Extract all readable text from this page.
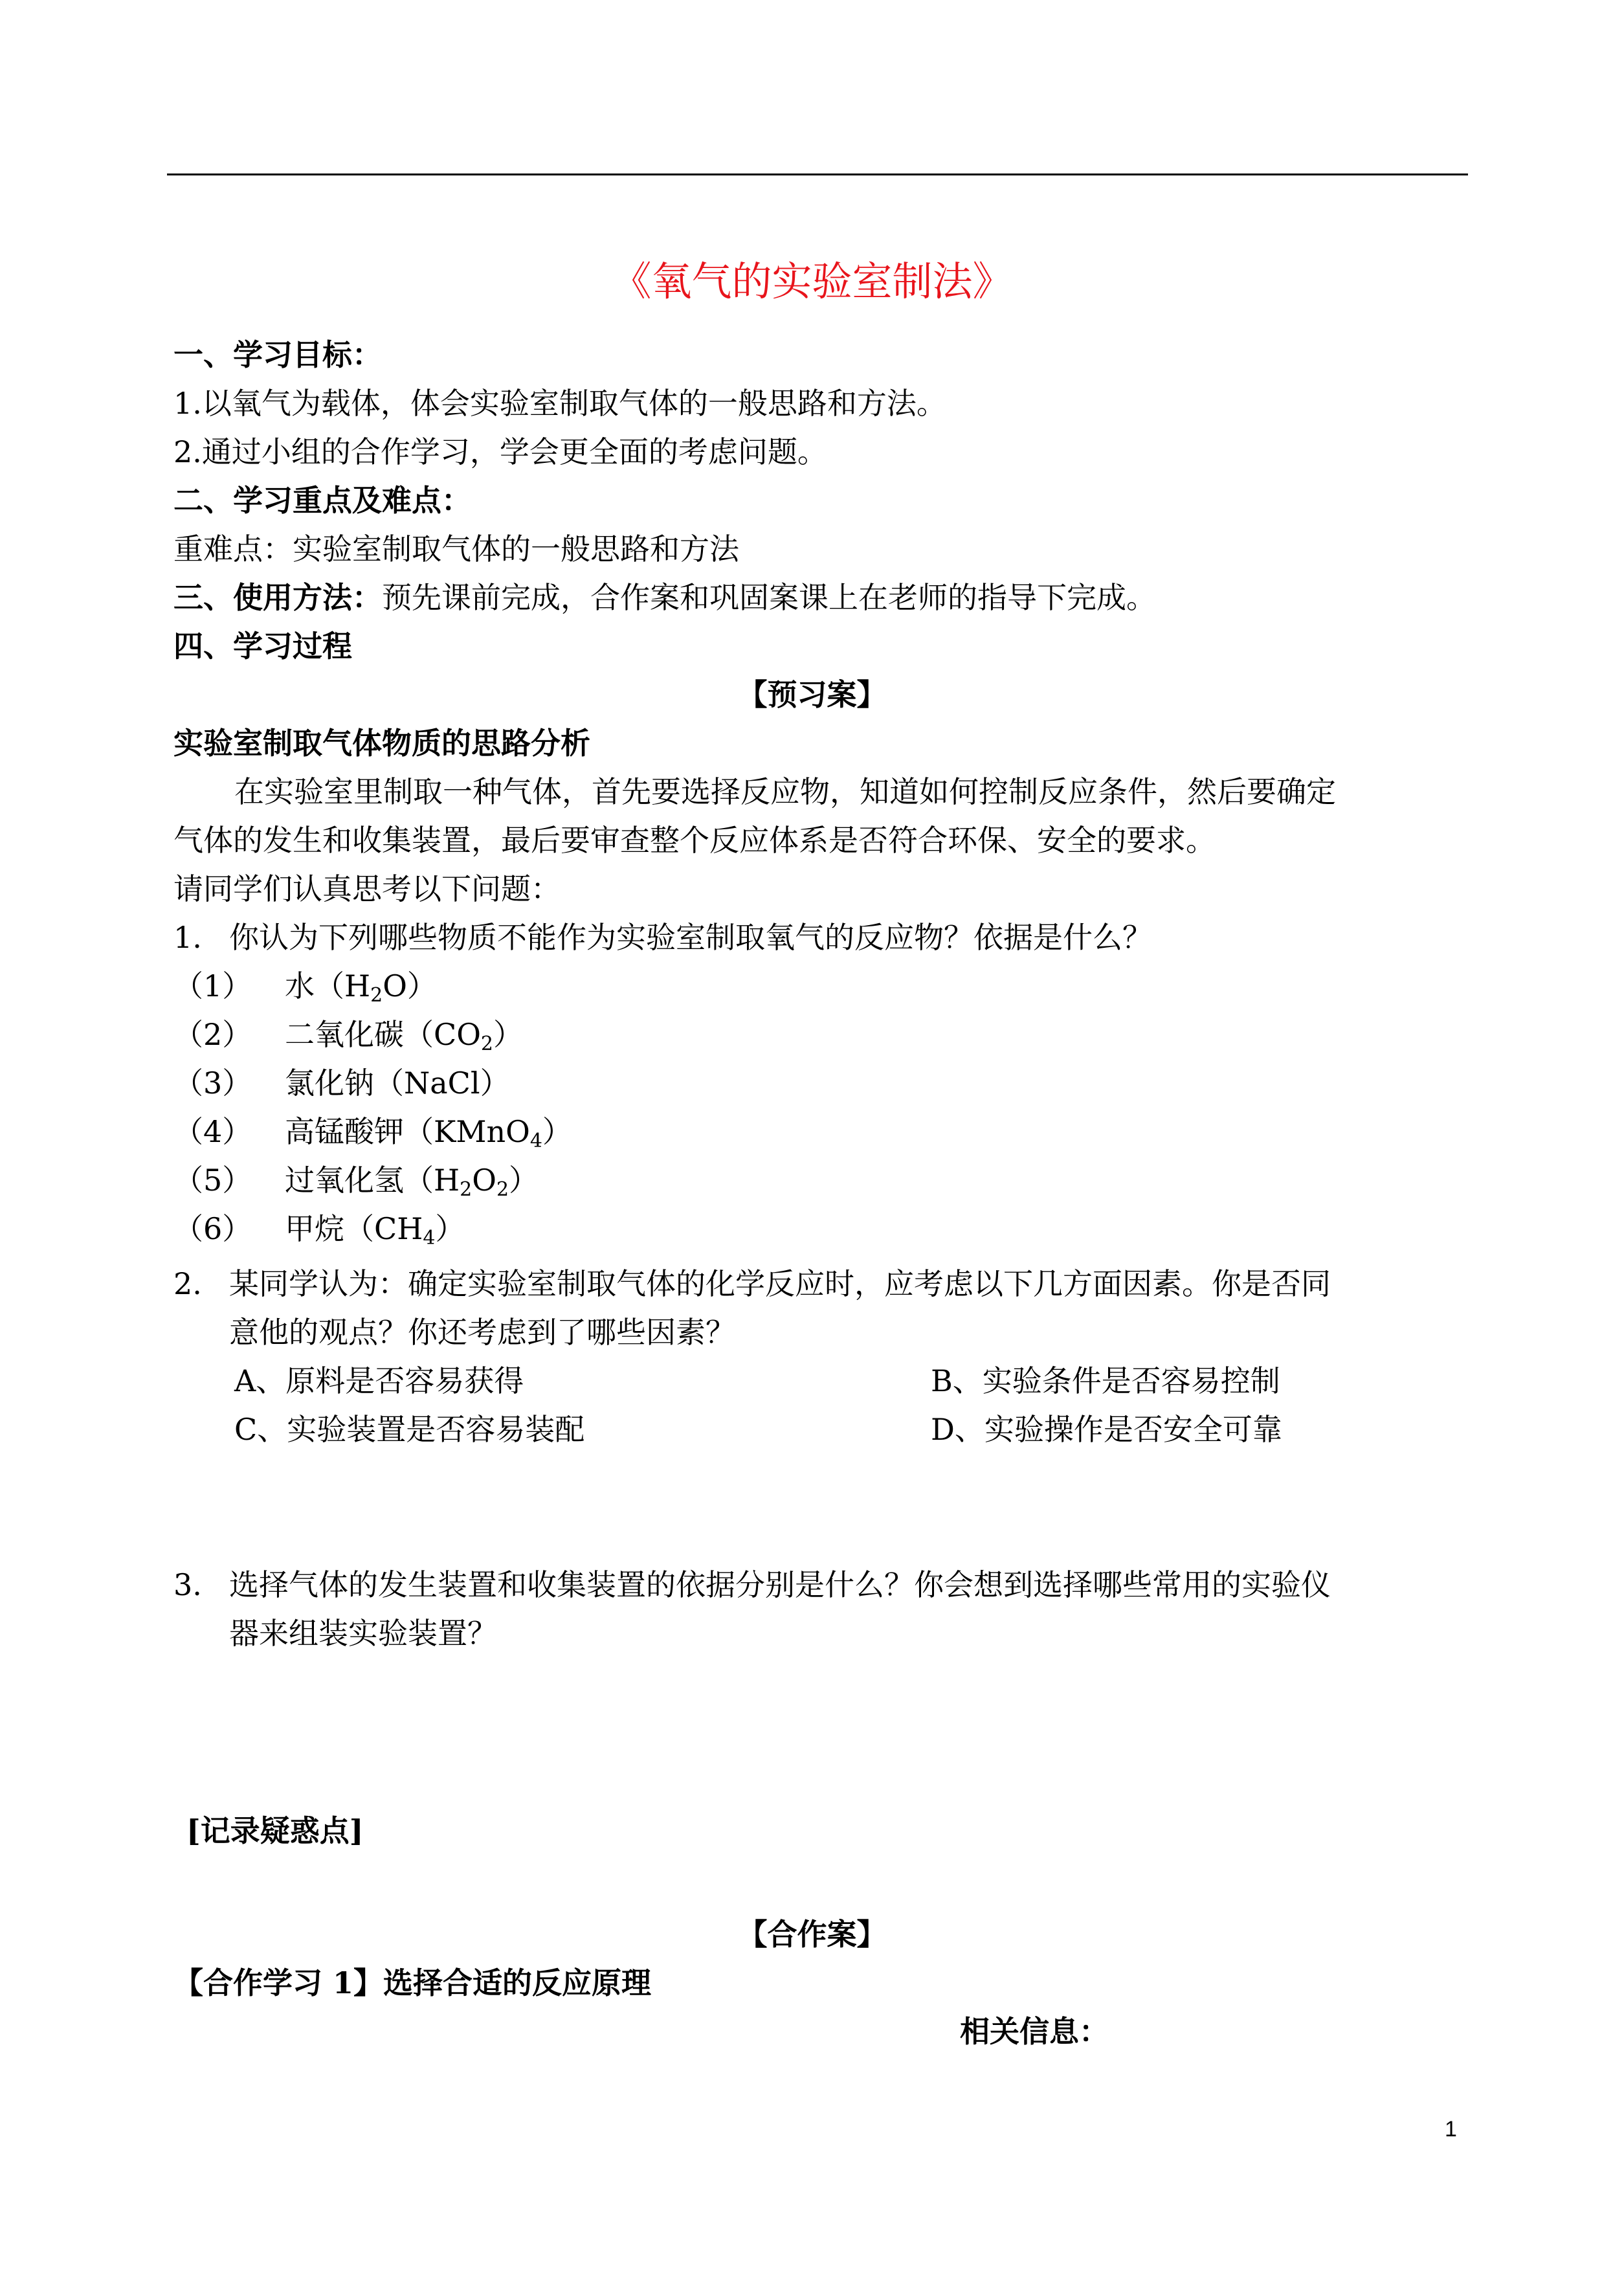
《氧气的实验室制法》
一、学习目标：
1.以氧气为载体，体会实验室制取气体的一般思路和方法。
2.通过小组的合作学习，学会更全面的考虑问题。
二、学习重点及难点：
重难点：实验室制取气体的一般思路和方法
三、使用方法：预先课前完成，合作案和巩固案课上在老师的指导下完成。
四、学习过程
【预习案】
实验室制取气体物质的思路分析
在实验室里制取一种气体，首先要选择反应物，知道如何控制反应条件，然后要确定
气体的发生和收集装置，最后要审查整个反应体系是否符合环保、安全的要求。
请同学们认真思考以下问题：
1. 你认为下列哪些物质不能作为实验室制取氧气的反应物？依据是什么？
（1） 水$(H_2O)$
（2） 二氧化碳$(CO_2)$
（3） 氯化钠（NaCl）
（4） 高锰酸钾（KMnO$_4$）
（5） 过氧化氢$(H_2O_2)$
（6） 甲烷$(CH_4)$
2. 某同学认为：确定实验室制取气体的化学反应时，应考虑以下几方面因素。你是否同
意他的观点？你还考虑到了哪些因素？
A、原料是否容易获得	B、实验条件是否容易控制
C、实验装置是否容易装配	D、实验操作是否安全可靠
3. 选择气体的发生装置和收集装置的依据分别是什么？你会想到选择哪些常用的实验仪
器来组装实验装置？
[记录疑惑点]
【合作案】
【合作学习 1】选择合适的反应原理
相关信息：
1
